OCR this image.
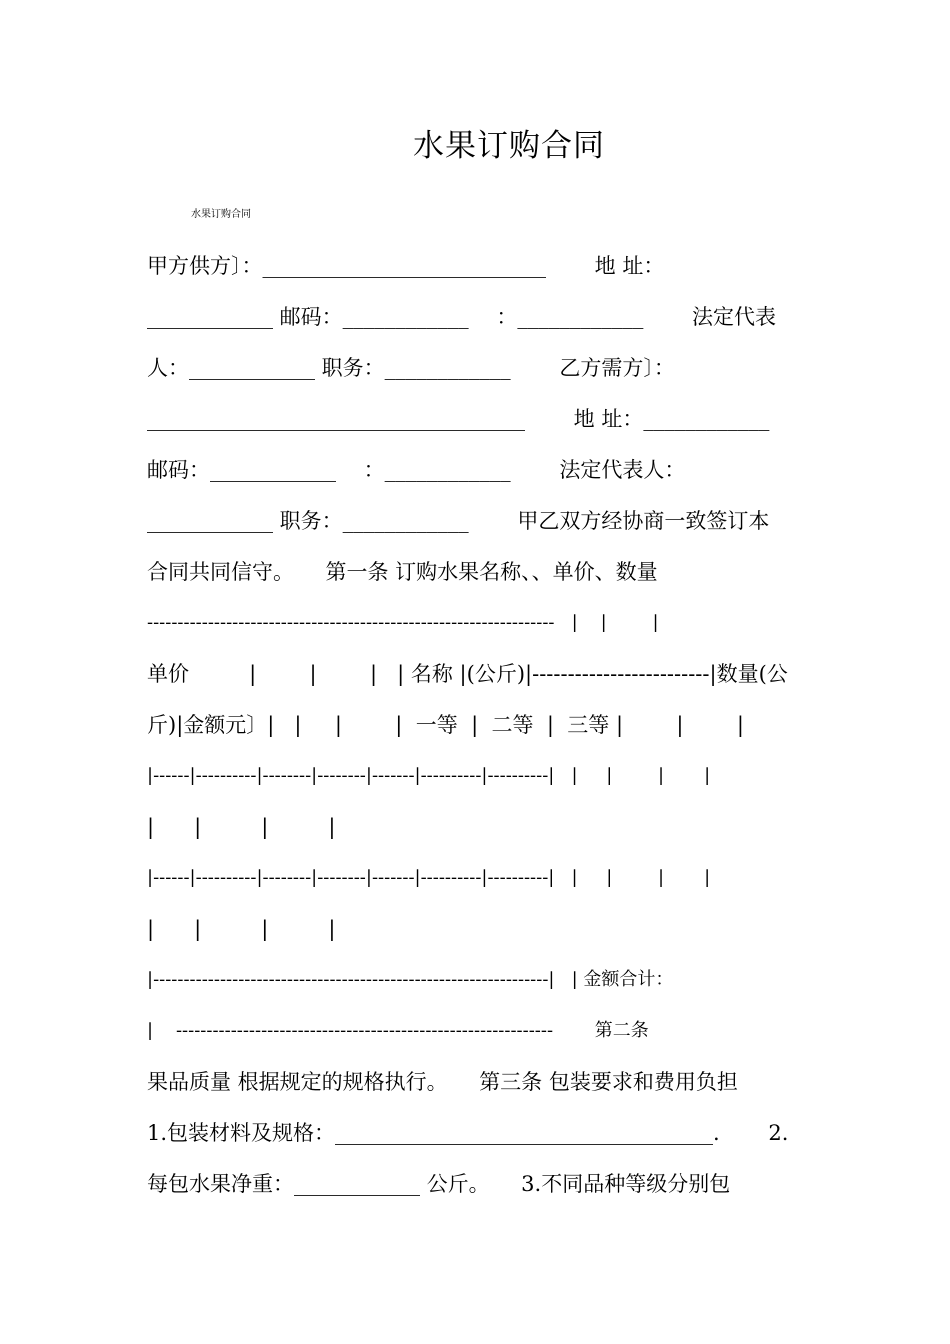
水果订购合同
水果订购合同
甲方供方〕：___________________________ 　　地 址：
____________ 邮码：____________ 　：____________ 　　法定代表
人：____________ 职务：____________ 　　乙方需方〕：
____________________________________ 　　地 址：____________
邮码：____________ 　：____________ 　　法定代表人：
____________ 职务：____________ 　　甲乙双方经协商一致签订本
合同共同信守。　　第一条 订购水果名称、、单价、数量
-------------------------------------------------------------------   |    |        |
单价         |        |        |   | 名称 |(公斤)|-------------------------|数量(公
斤)|金额元〕|   |     |        |  一等  |  二等  |  三等 |        |        |
|------|----------|--------|--------|-------|----------|----------|   |     |        |       |
|      |         |         |
|------|----------|--------|--------|-------|----------|----------|   |     |        |       |
|      |         |         |
|-----------------------------------------------------------------|   | 金额合计：
|    -------------------------------------------------------------- 　　第二条
果品质量 根据规定的规格执行。　　第三条 包装要求和费用负担
1.包装材料及规格：____________________________________. 　　2.
每包水果净重：____________ 公斤。　　3.不同品种等级分别包
